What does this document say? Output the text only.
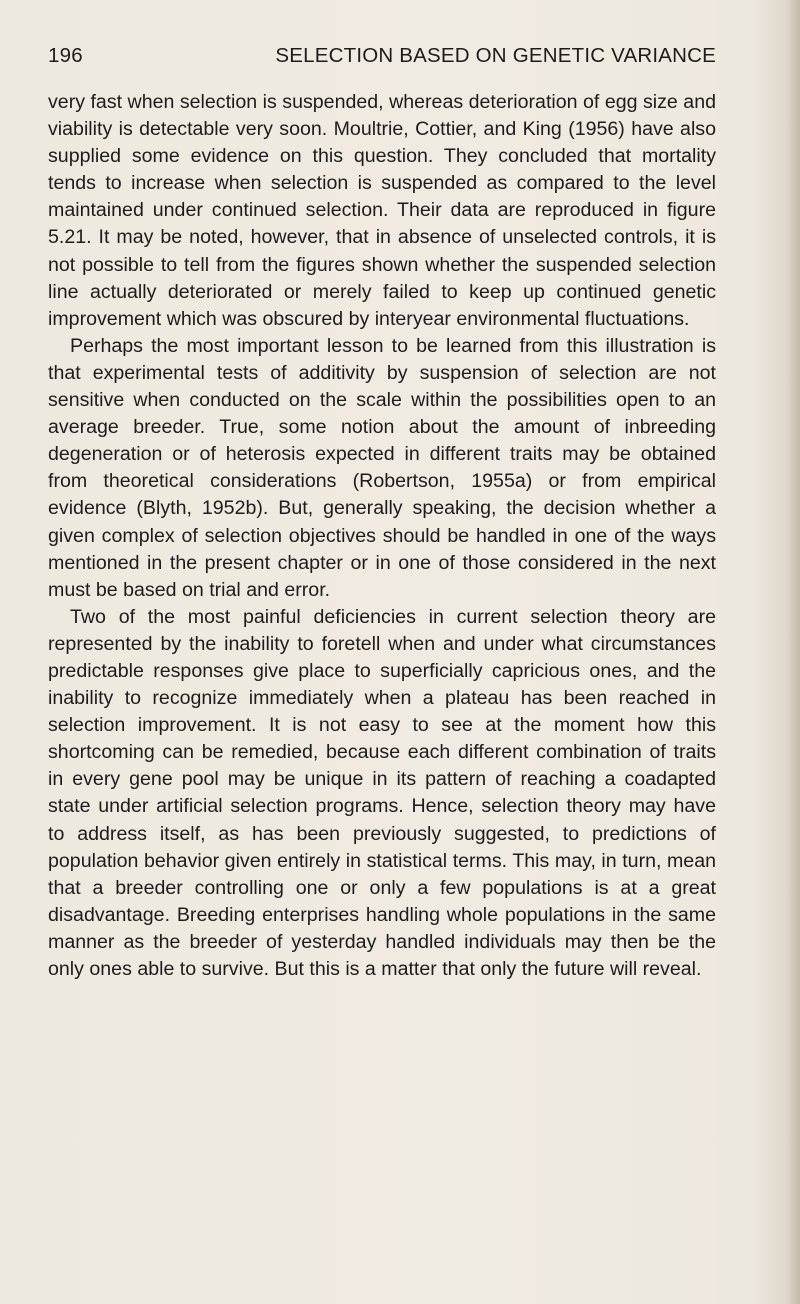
196	SELECTION BASED ON GENETIC VARIANCE

very fast when selection is suspended, whereas deterioration of egg size and viability is detectable very soon. Moultrie, Cottier, and King (1956) have also supplied some evidence on this question. They concluded that mortality tends to increase when selection is suspended as compared to the level maintained under continued selection. Their data are reproduced in figure 5.21. It may be noted, however, that in absence of unselected controls, it is not possible to tell from the figures shown whether the suspended selection line actually deteriorated or merely failed to keep up continued genetic improvement which was obscured by interyear environmental fluctuations.

Perhaps the most important lesson to be learned from this illustration is that experimental tests of additivity by suspension of selection are not sensitive when conducted on the scale within the possibilities open to an average breeder. True, some notion about the amount of inbreeding degeneration or of heterosis expected in different traits may be obtained from theoretical considerations (Robertson, 1955a) or from empirical evidence (Blyth, 1952b). But, generally speaking, the decision whether a given complex of selection objectives should be handled in one of the ways mentioned in the present chapter or in one of those considered in the next must be based on trial and error.

Two of the most painful deficiencies in current selection theory are represented by the inability to foretell when and under what circumstances predictable responses give place to superficially capricious ones, and the inability to recognize immediately when a plateau has been reached in selection improvement. It is not easy to see at the moment how this shortcoming can be remedied, because each different combination of traits in every gene pool may be unique in its pattern of reaching a coadapted state under artificial selection programs. Hence, selection theory may have to address itself, as has been previously suggested, to predictions of population behavior given entirely in statistical terms. This may, in turn, mean that a breeder controlling one or only a few populations is at a great disadvantage. Breeding enterprises handling whole populations in the same manner as the breeder of yesterday handled individuals may then be the only ones able to survive. But this is a matter that only the future will reveal.
